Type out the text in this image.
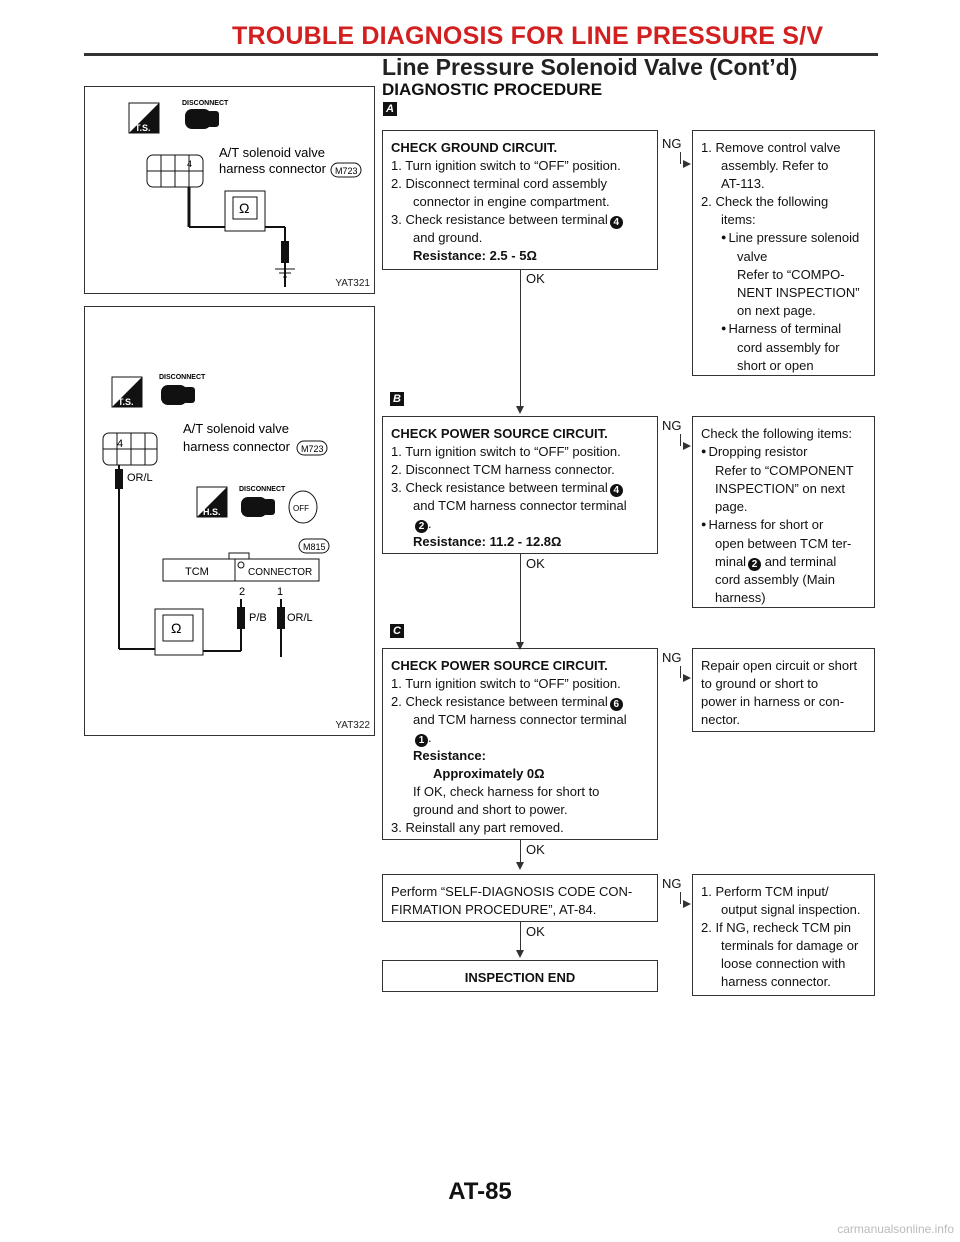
TROUBLE DIAGNOSIS FOR LINE PRESSURE S/V
Line Pressure Solenoid Valve (Cont’d)
DIAGNOSTIC PROCEDURE
T.S.
DISCONNECT
4
A/T solenoid valve
harness connector M723
Ω
YAT321
T.S.
DISCONNECT
4
A/T solenoid valve
harness connector M723
OR/L
H.S.
DISCONNECT
OFF
M815
TCM	CONNECTOR
2	1
P/B OR/L
Ω
YAT322
A
CHECK GROUND CIRCUIT.
1. Turn ignition switch to “OFF” position.
2. Disconnect terminal cord assembly
connector in engine compartment.
3. Check resistance between terminal 4
and ground.
Resistance: 2.5 - 5Ω
NG 1. Remove control valve
assembly. Refer to
AT-113.
2. Check the following
items:
● Line pressure solenoid
valve
Refer to “COMPO-
NENT INSPECTION”
on next page.
● Harness of terminal
cord assembly for
short or open
OK
B
CHECK POWER SOURCE CIRCUIT.
1. Turn ignition switch to “OFF” position.
2. Disconnect TCM harness connector.
3. Check resistance between terminal 4
and TCM harness connector terminal
2 .
Resistance: 11.2 - 12.8Ω
NG
Check the following items:
● Dropping resistor
Refer to “COMPONENT
INSPECTION” on next
page.
● Harness for short or
open between TCM ter-
minal 2 and terminal
cord assembly (Main
harness)
OK
C
CHECK POWER SOURCE CIRCUIT.
1. Turn ignition switch to “OFF” position.
2. Check resistance between terminal 6
and TCM harness connector terminal
1 .
Resistance:
Approximately 0Ω
If OK, check harness for short to
ground and short to power.
3. Reinstall any part removed.
NG
Repair open circuit or short
to ground or short to
power in harness or con-
nector.
OK
Perform “SELF-DIAGNOSIS CODE CON-
FIRMATION PROCEDURE”, AT-84.
NG
1. Perform TCM input/
output signal inspection.
2. If NG, recheck TCM pin
terminals for damage or
loose connection with
harness connector.
OK
INSPECTION END
AT-85
carmanualsonline.info
